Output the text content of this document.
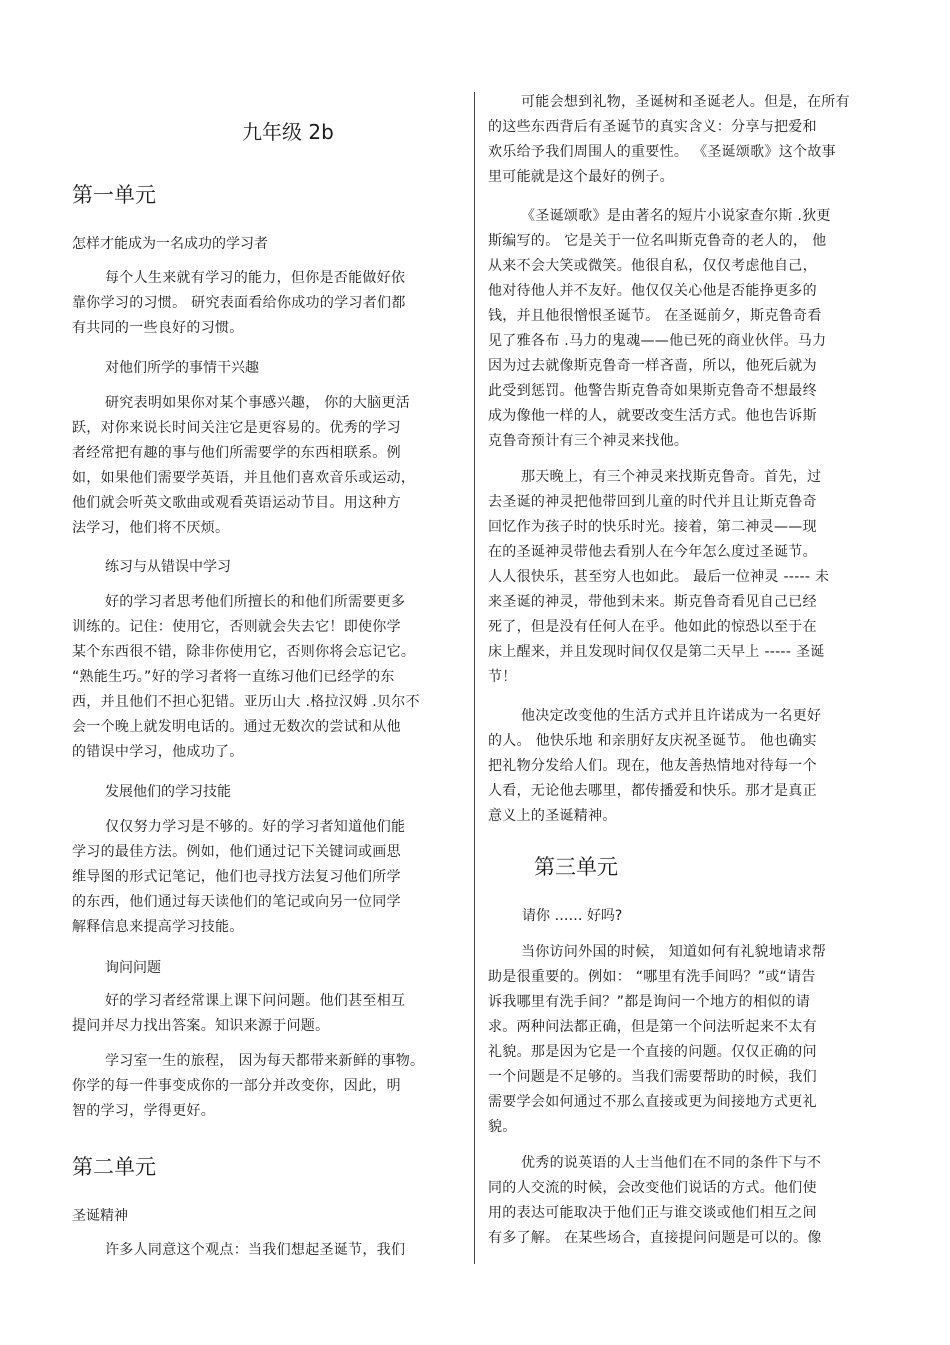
九年级 2b
第一单元
怎样才能成为一名成功的学习者
每个人生来就有学习的能力，但你是否能做好依
靠你学习的习惯。 研究表面看给你成功的学习者们都
有共同的一些良好的习惯。
对他们所学的事情干兴趣
研究表明如果你对某个事感兴趣， 你的大脑更活
跃，对你来说长时间关注它是更容易的。优秀的学习
者经常把有趣的事与他们所需要学的东西相联系。例
如，如果他们需要学英语，并且他们喜欢音乐或运动，
他们就会听英文歌曲或观看英语运动节目。用这种方
法学习，他们将不厌烦。
练习与从错误中学习
好的学习者思考他们所擅长的和他们所需要更多
训练的。记住：使用它，否则就会失去它！即使你学
某个东西很不错，除非你使用它，否则你将会忘记它。
“熟能生巧。”好的学习者将一直练习他们已经学的东
西，并且他们不担心犯错。亚历山大 .格拉汉姆 .贝尔不
会一个晚上就发明电话的。通过无数次的尝试和从他
的错误中学习，他成功了。
发展他们的学习技能
仅仅努力学习是不够的。好的学习者知道他们能
学习的最佳方法。例如，他们通过记下关键词或画思
维导图的形式记笔记，他们也寻找方法复习他们所学
的东西，他们通过每天读他们的笔记或向另一位同学
解释信息来提高学习技能。
询问问题
好的学习者经常课上课下问问题。他们甚至相互
提问并尽力找出答案。知识来源于问题。
学习室一生的旅程， 因为每天都带来新鲜的事物。
你学的每一件事变成你的一部分并改变你，因此，明
智的学习，学得更好。
第二单元
圣诞精神
许多人同意这个观点：当我们想起圣诞节，我们
可能会想到礼物，圣诞树和圣诞老人。但是，在所有
的这些东西背后有圣诞节的真实含义：分享与把爱和
欢乐给予我们周围人的重要性。 《圣诞颂歌》这个故事
里可能就是这个最好的例子。
《圣诞颂歌》是由著名的短片小说家查尔斯 .狄更
斯编写的。 它是关于一位名叫斯克鲁奇的老人的， 他
从来不会大笑或微笑。他很自私，仅仅考虑他自己，
他对待他人并不友好。他仅仅关心他是否能挣更多的
钱，并且他很憎恨圣诞节。 在圣诞前夕，斯克鲁奇看
见了雅各布 .马力的鬼魂——他已死的商业伙伴。马力
因为过去就像斯克鲁奇一样吝啬，所以，他死后就为
此受到惩罚。他警告斯克鲁奇如果斯克鲁奇不想最终
成为像他一样的人，就要改变生活方式。他也告诉斯
克鲁奇预计有三个神灵来找他。
那天晚上，有三个神灵来找斯克鲁奇。首先，过
去圣诞的神灵把他带回到儿童的时代并且让斯克鲁奇
回忆作为孩子时的快乐时光。接着，第二神灵——现
在的圣诞神灵带他去看别人在今年怎么度过圣诞节。
人人很快乐，甚至穷人也如此。 最后一位神灵 ----- 未
来圣诞的神灵，带他到未来。斯克鲁奇看见自己已经
死了，但是没有任何人在乎。他如此的惊恐以至于在
床上醒来，并且发现时间仅仅是第二天早上 ----- 圣诞
节！
他决定改变他的生活方式并且许诺成为一名更好
的人。 他快乐地 和亲朋好友庆祝圣诞节。 他也确实
把礼物分发给人们。现在，他友善热情地对待每一个
人看，无论他去哪里，都传播爱和快乐。那才是真正
意义上的圣诞精神。
第三单元
请你 …… 好吗?
当你访问外国的时候， 知道如何有礼貌地请求帮
助是很重要的。例如： “哪里有洗手间吗？”或“请告
诉我哪里有洗手间？”都是询问一个地方的相似的请
求。两种问法都正确，但是第一个问法听起来不太有
礼貌。那是因为它是一个直接的问题。仅仅正确的问
一个问题是不足够的。当我们需要帮助的时候，我们
需要学会如何通过不那么直接或更为间接地方式更礼
貌。
优秀的说英语的人士当他们在不同的条件下与不
同的人交流的时候，会改变他们说话的方式。他们使
用的表达可能取决于他们正与谁交谈或他们相互之间
有多了解。 在某些场合，直接提问问题是可以的。像
